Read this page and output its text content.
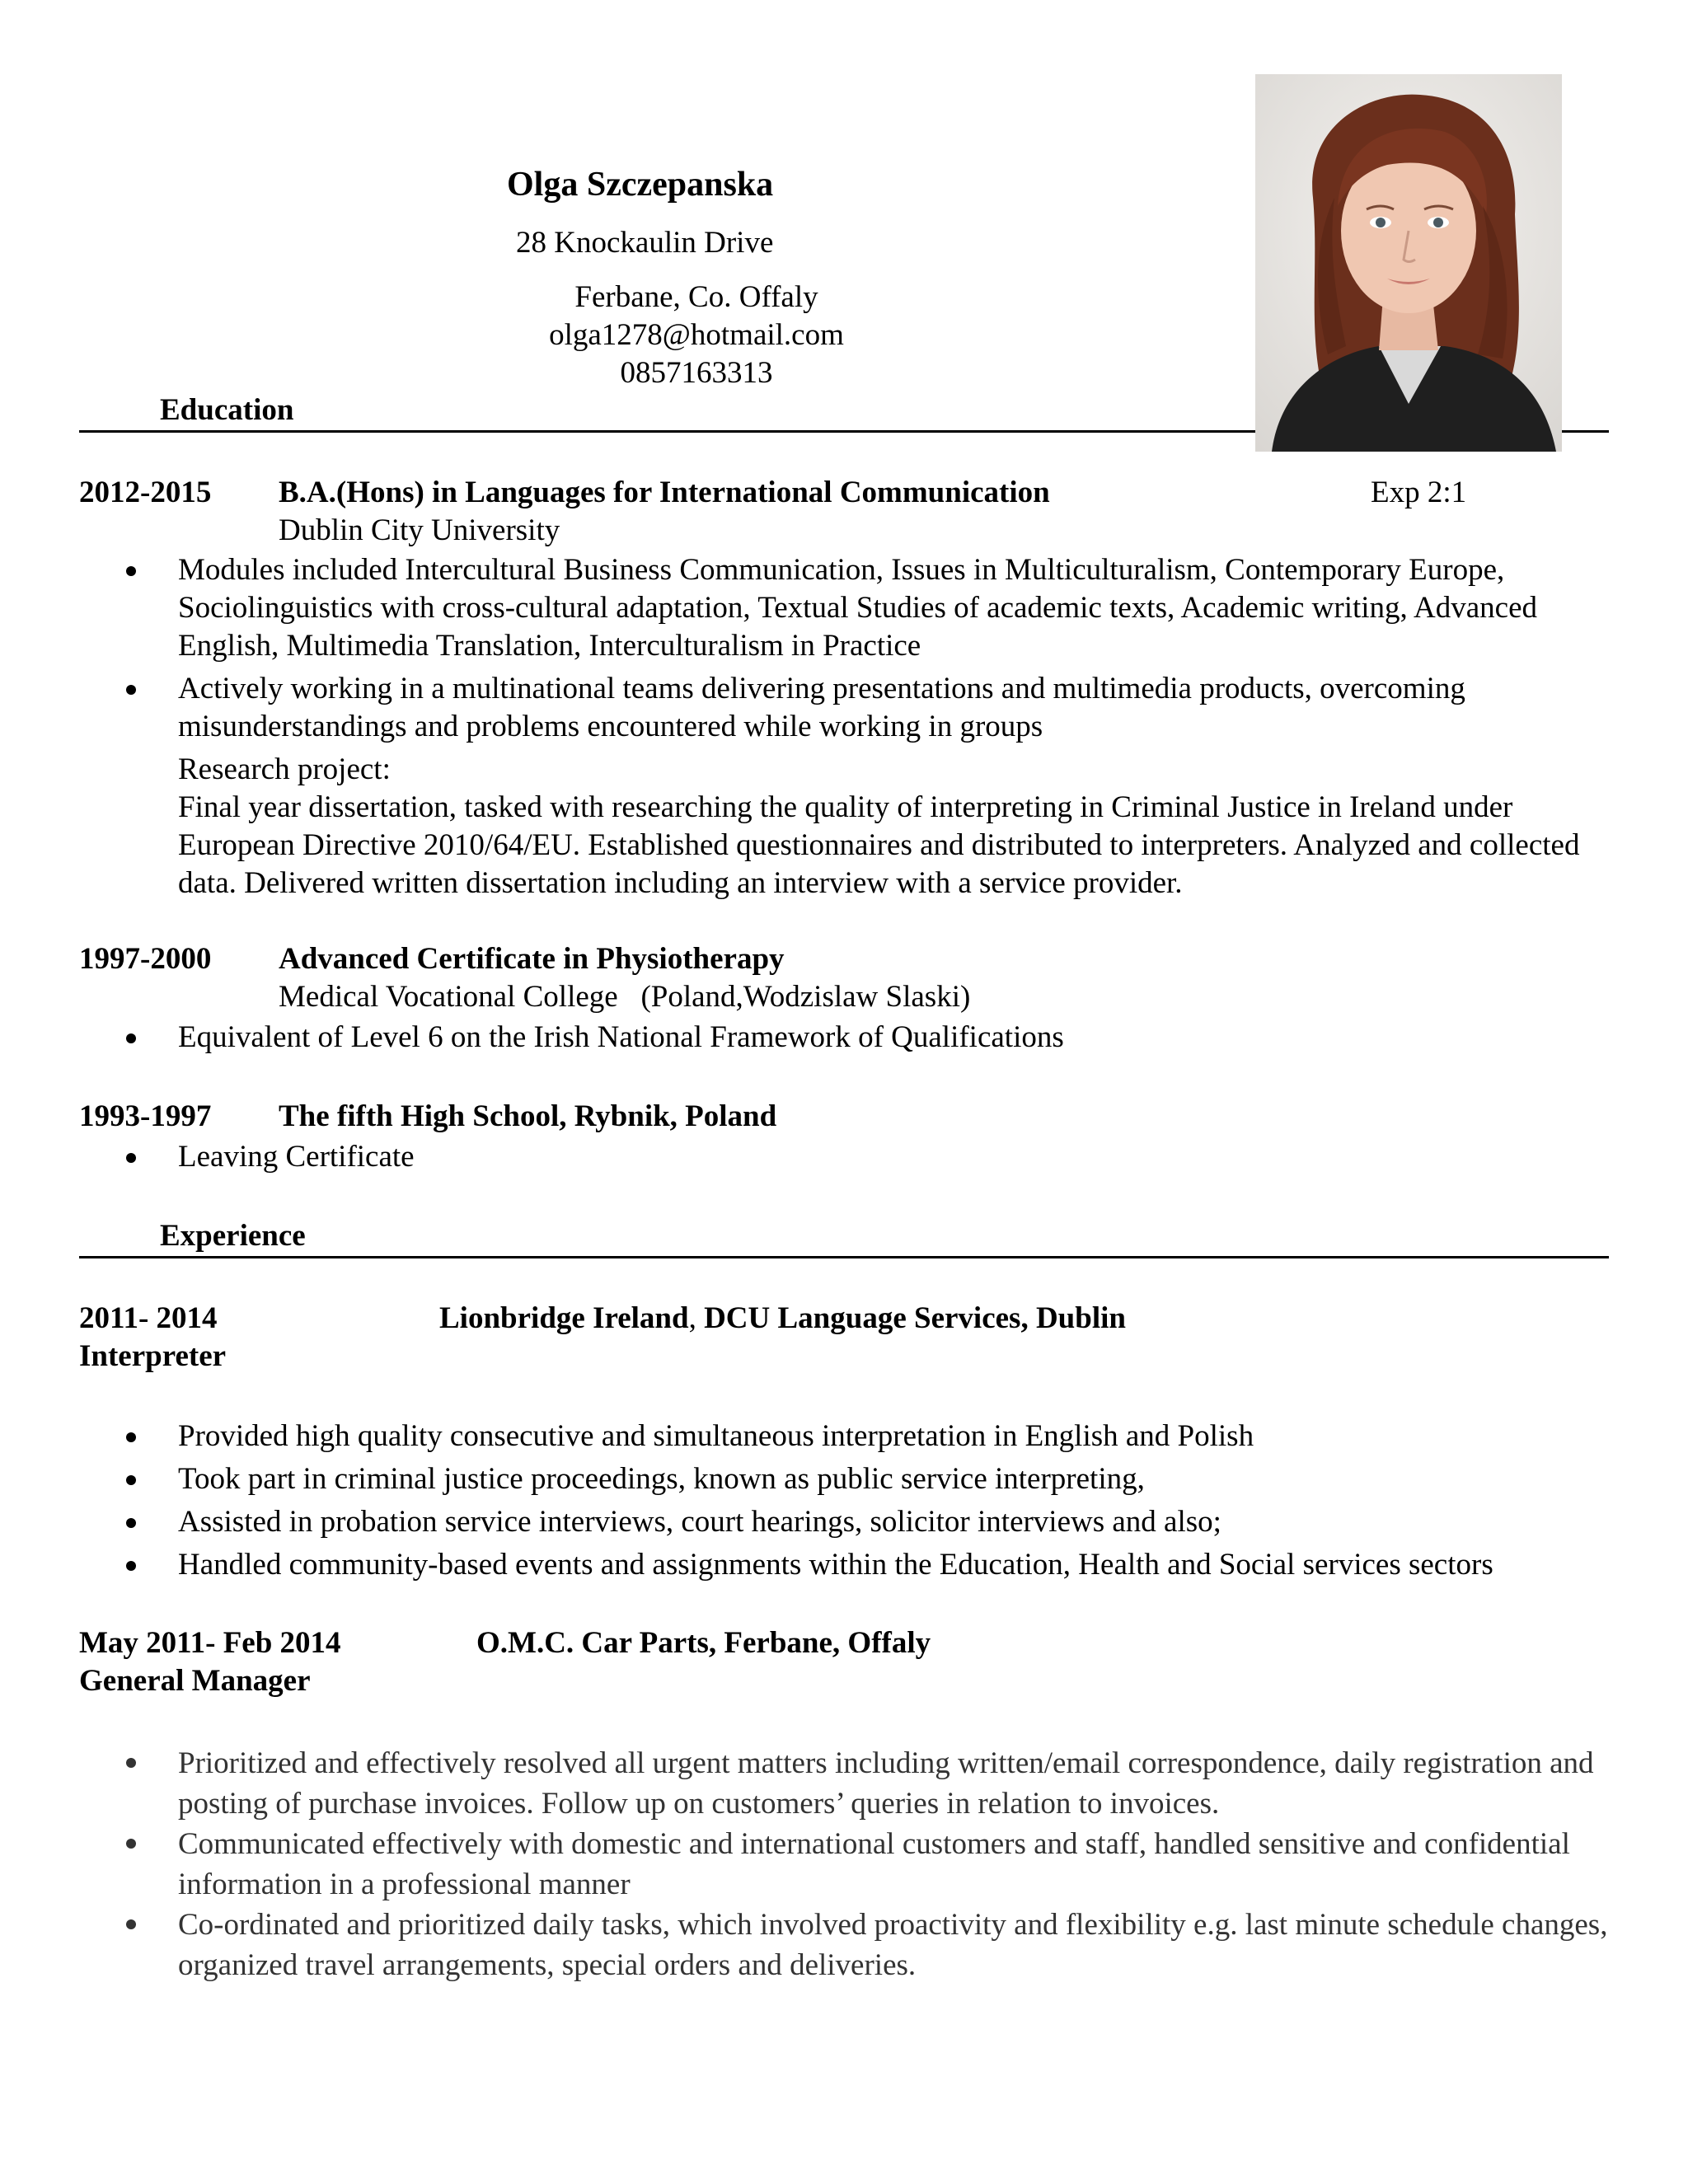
Olga Szczepanska
28 Knockaulin Drive
Ferbane, Co. Offaly
olga1278@hotmail.com
0857163313
Education
2012-2015 B.A.(Hons) in Languages for International Communication	Exp 2:1
Dublin City University
Modules included Intercultural Business Communication, Issues in Multiculturalism, Contemporary Europe, Sociolinguistics with cross-cultural adaptation, Textual Studies of academic texts, Academic writing, Advanced English, Multimedia Translation, Interculturalism in Practice
Actively working in a multinational teams delivering presentations and multimedia products, overcoming misunderstandings and problems encountered while working in groups
Research project:
Final year dissertation, tasked with researching the quality of interpreting in Criminal Justice in Ireland under European Directive 2010/64/EU. Established questionnaires and distributed to interpreters. Analyzed and collected data. Delivered written dissertation including an interview with a service provider.
1997-2000 Advanced Certificate in Physiotherapy
Medical Vocational College   (Poland,Wodzislaw Slaski)
Equivalent of Level 6 on the Irish National Framework of Qualifications
1993-1997 The fifth High School, Rybnik, Poland
Leaving Certificate
Experience
2011- 2014	Lionbridge Ireland, DCU Language Services, Dublin
Interpreter
Provided high quality consecutive and simultaneous interpretation in English and Polish
Took part in criminal justice proceedings, known as public service interpreting,
Assisted in probation service interviews, court hearings, solicitor interviews and also;
Handled community-based events and assignments within the Education, Health and Social services sectors
May 2011- Feb 2014	O.M.C. Car Parts, Ferbane, Offaly
General Manager
Prioritized and effectively resolved all urgent matters including written/email correspondence, daily registration and posting of purchase invoices. Follow up on customers’ queries in relation to invoices.
Communicated effectively with domestic and international customers and staff, handled sensitive and confidential information in a professional manner
Co-ordinated and prioritized daily tasks, which involved proactivity and flexibility e.g. last minute schedule changes, organized travel arrangements, special orders and deliveries.
